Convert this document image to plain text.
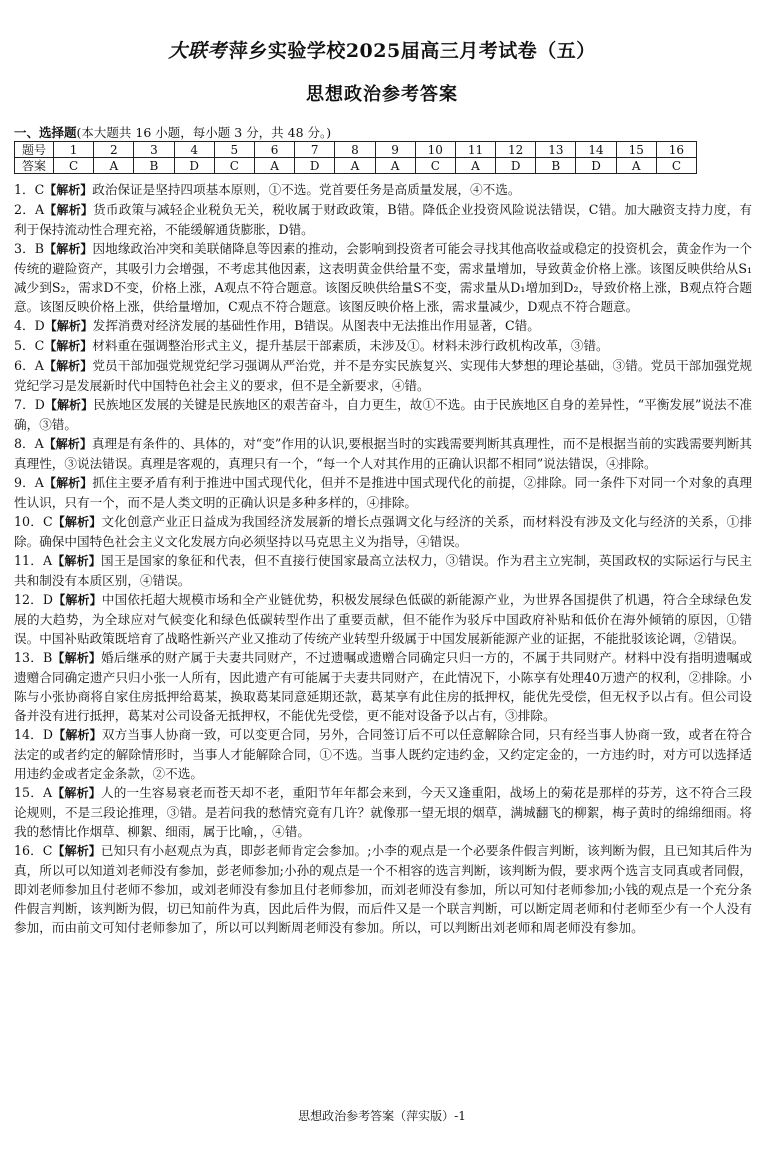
大联考 萍乡实验学校2025届高三月考试卷（五）
思想政治参考答案
一、选择题(本大题共 16 小题，每小题 3 分，共 48 分。)
题号	1	2	3	4	5	6	7	8	9	10	11	12	13	14	15	16
答案	C	A	B	D	C	A	D	A	A	C	A	D	B	D	A	C

1．C【解析】政治保证是坚持四项基本原则，①不选。党首要任务是高质量发展，④不选。

2．A【解析】货币政策与减轻企业税负无关，税收属于财政政策，B错。降低企业投资风险说法错误，C错。加大融资支持力度，有利于保持流动性合理充裕，不能缓解通货膨胀，D错。

3．B【解析】因地缘政治冲突和美联储降息等因素的推动，会影响到投资者可能会寻找其他高收益或稳定的投资机会，黄金作为一个传统的避险资产，其吸引力会增强，不考虑其他因素，这表明黄金供给量不变，需求量增加，导致黄金价格上涨。该图反映供给从S₁减少到S₂，需求D不变，价格上涨，A观点不符合题意。该图反映供给量S不变，需求量从D₁增加到D₂，导致价格上涨，B观点符合题意。该图反映价格上涨，供给量增加，C观点不符合题意。该图反映价格上涨，需求量减少，D观点不符合题意。

4．D【解析】发挥消费对经济发展的基础性作用，B错误。从图表中无法推出作用显著，C错。

5．C【解析】材料重在强调整治形式主义，提升基层干部素质，未涉及①。材料未涉行政机构改革，③错。

6．A【解析】党员干部加强党规党纪学习强调从严治党，并不是夯实民族复兴、实现伟大梦想的理论基础，③错。党员干部加强党规党纪学习是发展新时代中国特色社会主义的要求，但不是全新要求，④错。

7．D【解析】民族地区发展的关键是民族地区的艰苦奋斗，自力更生，故①不选。由于民族地区自身的差异性，“平衡发展”说法不准确，③错。

8．A【解析】真理是有条件的、具体的，对“变”作用的认识,要根据当时的实践需要判断其真理性，而不是根据当前的实践需要判断其真理性，③说法错误。真理是客观的，真理只有一个，“每一个人对其作用的正确认识都不相同”说法错误，④排除。

9．A【解析】抓住主要矛盾有利于推进中国式现代化，但并不是推进中国式现代化的前提，②排除。同一条件下对同一个对象的真理性认识，只有一个，而不是人类文明的正确认识是多种多样的，④排除。

10．C【解析】文化创意产业正日益成为我国经济发展新的增长点强调文化与经济的关系，而材料没有涉及文化与经济的关系，①排除。确保中国特色社会主义文化发展方向必须坚持以马克思主义为指导，④错误。

11．A【解析】国王是国家的象征和代表，但不直接行使国家最高立法权力，③错误。作为君主立宪制，英国政权的实际运行与民主共和制没有本质区别，④错误。

12．D【解析】中国依托超大规模市场和全产业链优势，积极发展绿色低碳的新能源产业，为世界各国提供了机遇，符合全球绿色发展的大趋势，为全球应对气候变化和绿色低碳转型作出了重要贡献，但不能作为驳斥中国政府补贴和低价在海外倾销的原因，①错误。中国补贴政策既培育了战略性新兴产业又推动了传统产业转型升级属于中国发展新能源产业的证据，不能批驳该论调，②错误。

13．B【解析】婚后继承的财产属于夫妻共同财产，不过遗嘱或遗赠合同确定只归一方的，不属于共同财产。材料中没有指明遗嘱或遗赠合同确定遗产只归小张一人所有，因此遗产有可能属于夫妻共同财产，在此情况下，小陈享有处理40万遗产的权利，②排除。小陈与小张协商将自家住房抵押给葛某，换取葛某同意延期还款，葛某享有此住房的抵押权，能优先受偿，但无权予以占有。但公司设备并没有进行抵押，葛某对公司设备无抵押权，不能优先受偿，更不能对设备予以占有，③排除。

14．D【解析】双方当事人协商一致，可以变更合同，另外，合同签订后不可以任意解除合同，只有经当事人协商一致，或者在符合法定的或者约定的解除情形时，当事人才能解除合同，①不选。当事人既约定违约金，又约定定金的，一方违约时，对方可以选择适用违约金或者定金条款，②不选。

15．A【解析】人的一生容易衰老而苍天却不老，重阳节年年都会来到，今天又逢重阳，战场上的菊花是那样的芬芳，这不符合三段论规则，不是三段论推理，③错。是若问我的愁情究竟有几许？就像那一望无垠的烟草，满城翻飞的柳絮，梅子黄时的绵绵细雨。将我的愁情比作烟草、柳絮、细雨，属于比喻，，④错。

16．C【解析】已知只有小赵观点为真，即彭老师肯定会参加。;小李的观点是一个必要条件假言判断，该判断为假，且已知其后件为真，所以可以知道刘老师没有参加，彭老师参加;小孙的观点是一个不相容的选言判断，该判断为假，要求两个选言支同真或者同假，即刘老师参加且付老师不参加，或刘老师没有参加且付老师参加，而刘老师没有参加，所以可知付老师参加;小钱的观点是一个充分条件假言判断，该判断为假，切已知前件为真，因此后件为假，而后件又是一个联言判断，可以断定周老师和付老师至少有一个人没有参加，而由前文可知付老师参加了，所以可以判断周老师没有参加。所以，可以判断出刘老师和周老师没有参加。

思想政治参考答案（萍实版）-1
